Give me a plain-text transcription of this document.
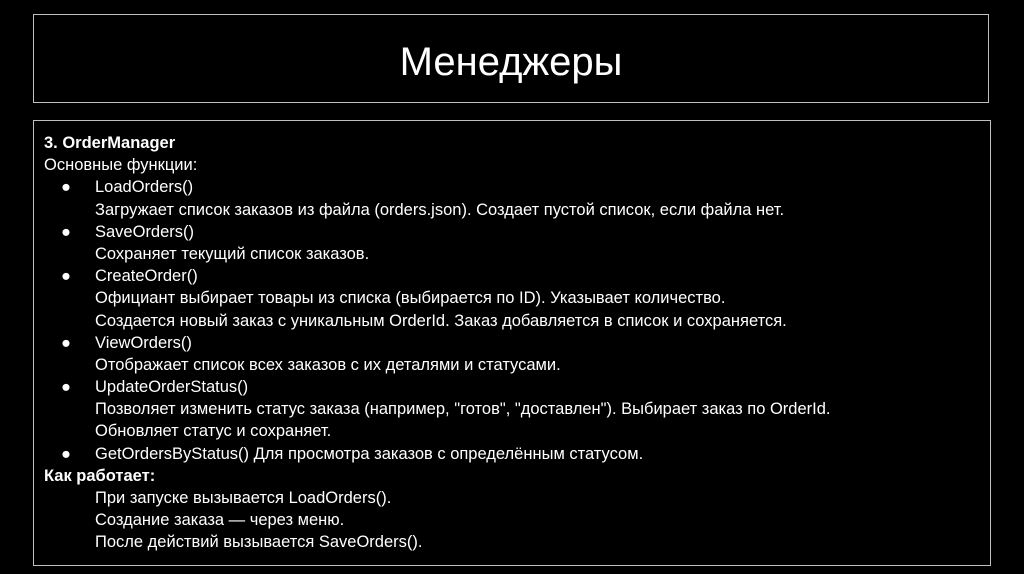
Менеджеры
3. OrderManager
Основные функции:
● LoadOrders()
Загружает список заказов из файла (orders.json). Создает пустой список, если файла нет.
● SaveOrders()
Сохраняет текущий список заказов.
● CreateOrder()
Официант выбирает товары из списка (выбирается по ID). Указывает количество.
Создается новый заказ с уникальным OrderId. Заказ добавляется в список и сохраняется.
● ViewOrders()
Отображает список всех заказов с их деталями и статусами.
● UpdateOrderStatus()
Позволяет изменить статус заказа (например, "готов", "доставлен"). Выбирает заказ по OrderId.
Обновляет статус и сохраняет.
● GetOrdersByStatus() Для просмотра заказов с определённым статусом.
Как работает:
При запуске вызывается LoadOrders().
Создание заказа — через меню.
После действий вызывается SaveOrders().
